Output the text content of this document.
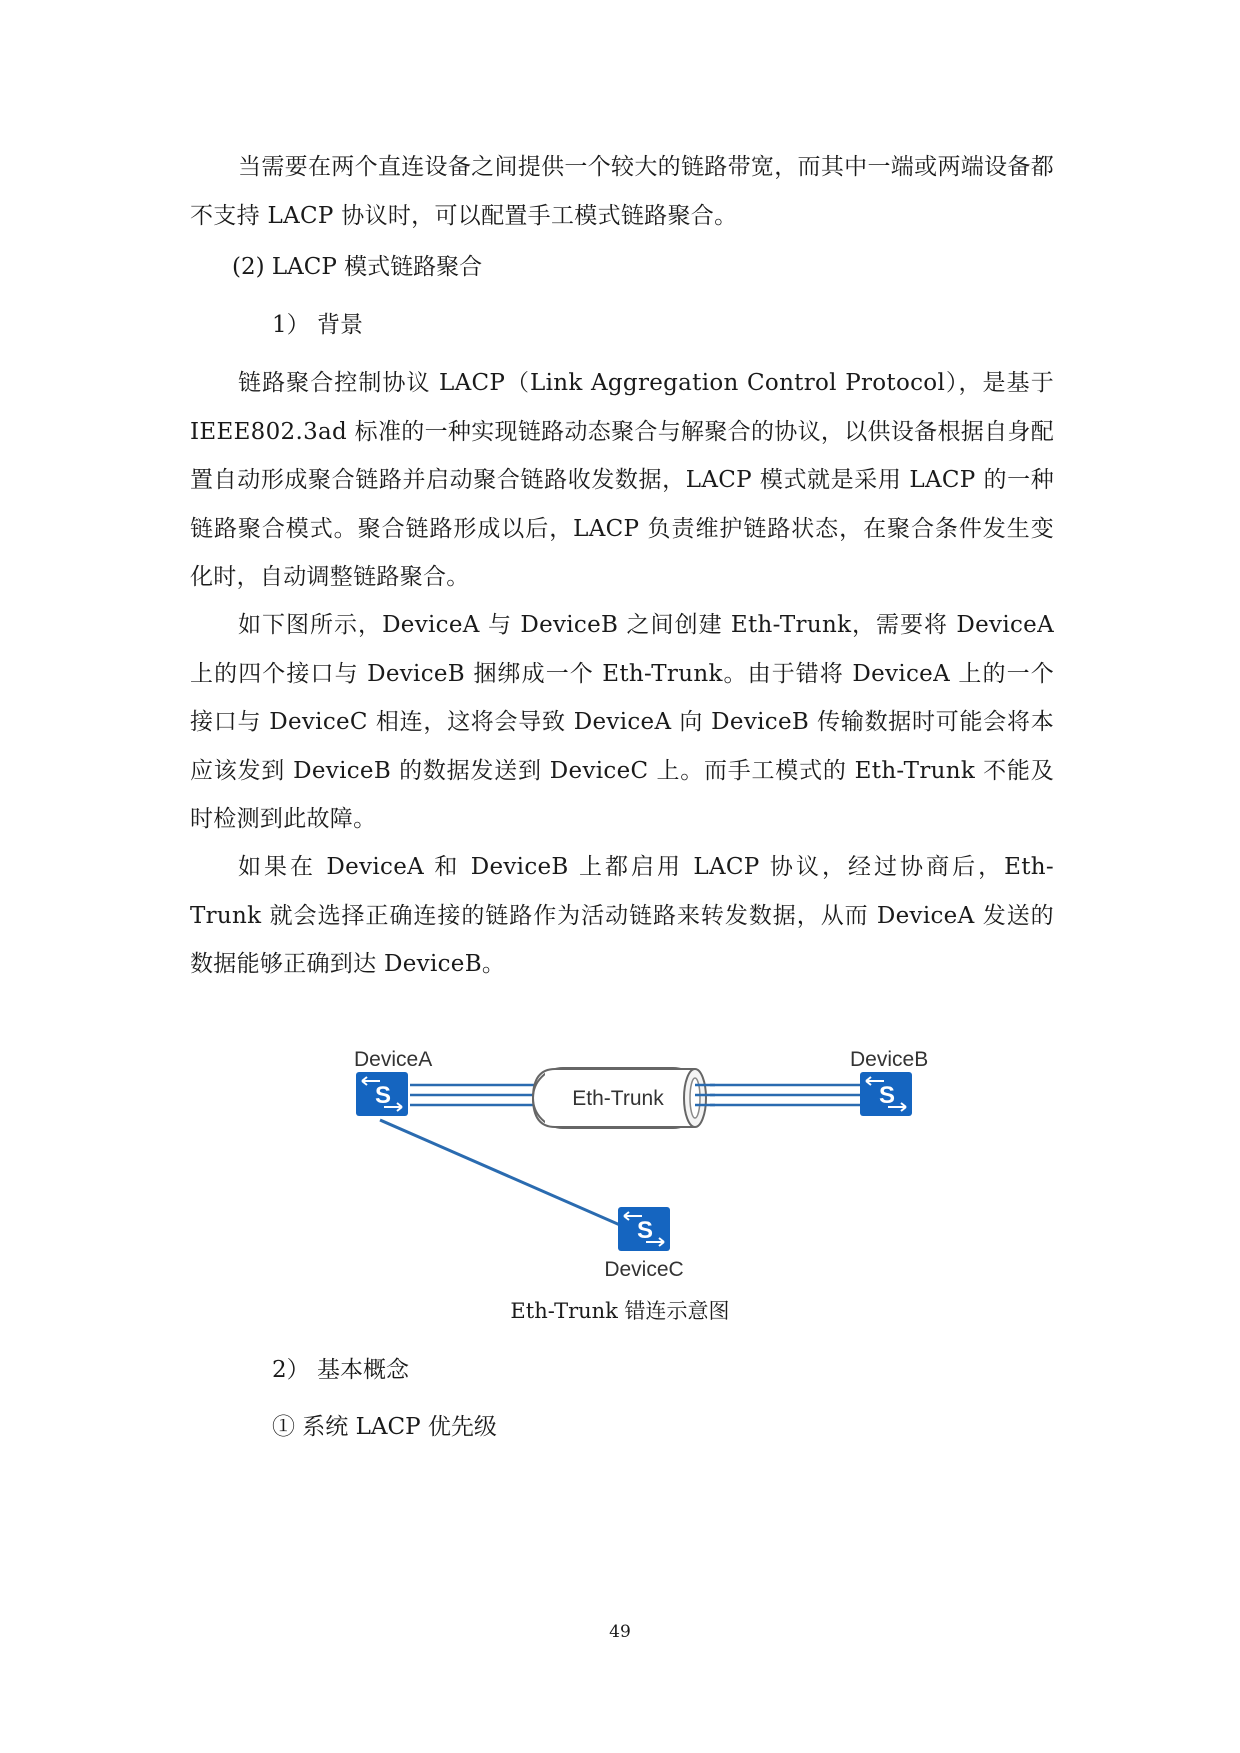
当需要在两个直连设备之间提供一个较大的链路带宽，而其中一端或两端设备都不支持 LACP 协议时，可以配置手工模式链路聚合。

(2) LACP 模式链路聚合

1） 背景

链路聚合控制协议 LACP（Link Aggregation Control Protocol），是基于 IEEE802.3ad 标准的一种实现链路动态聚合与解聚合的协议，以供设备根据自身配置自动形成聚合链路并启动聚合链路收发数据，LACP 模式就是采用 LACP 的一种链路聚合模式。聚合链路形成以后，LACP 负责维护链路状态，在聚合条件发生变化时，自动调整链路聚合。

如下图所示，DeviceA 与 DeviceB 之间创建 Eth-Trunk，需要将 DeviceA 上的四个接口与 DeviceB 捆绑成一个 Eth-Trunk。由于错将 DeviceA 上的一个接口与 DeviceC 相连，这将会导致 DeviceA 向 DeviceB 传输数据时可能会将本应该发到 DeviceB 的数据发送到 DeviceC 上。而手工模式的 Eth-Trunk 不能及时检测到此故障。

如果在 DeviceA 和 DeviceB 上都启用 LACP 协议，经过协商后，Eth-Trunk 就会选择正确连接的链路作为活动链路来转发数据，从而 DeviceA 发送的数据能够正确到达 DeviceB。

Eth-Trunk
S
DeviceA
S
DeviceB
S
DeviceC
Eth-Trunk 错连示意图

2） 基本概念

① 系统 LACP 优先级

49
